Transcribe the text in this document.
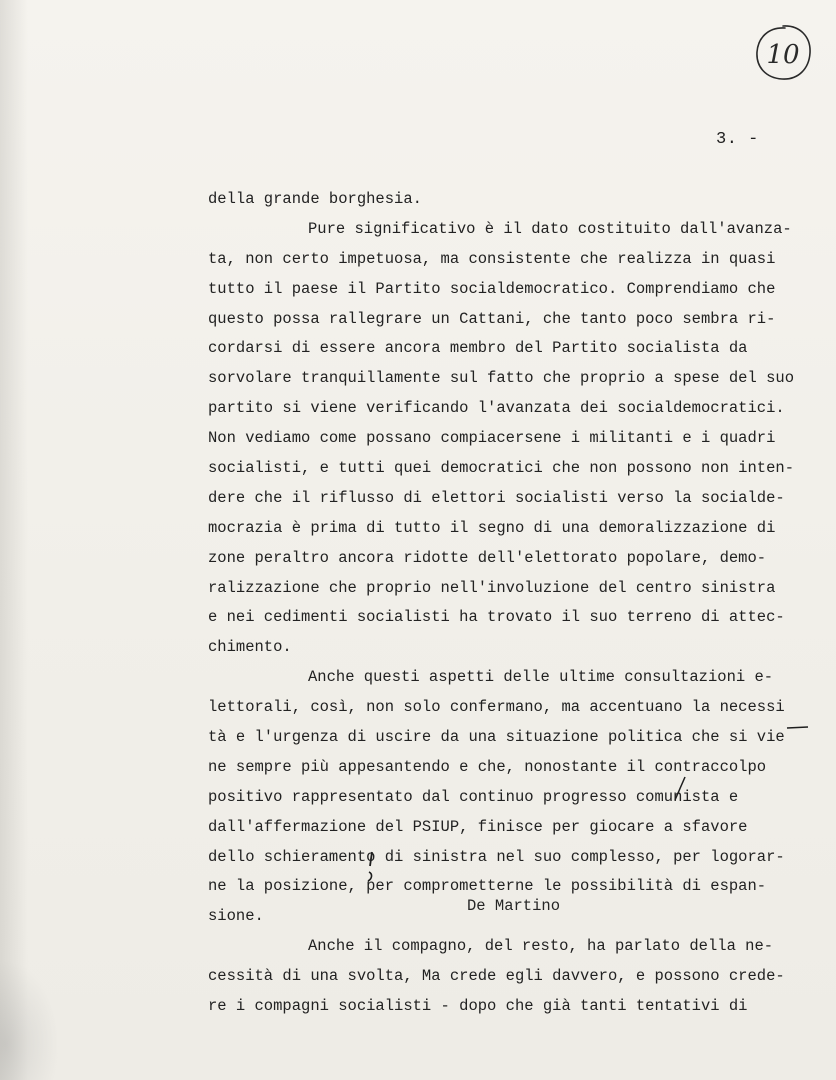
10
3. -
della grande borghesia.
Pure significativo è il dato costituito dall'avanza-
ta, non certo impetuosa, ma consistente che realizza in quasi
tutto il paese il Partito socialdemocratico. Comprendiamo che
questo possa rallegrare un Cattani, che tanto poco sembra ri-
cordarsi di essere ancora membro del Partito socialista da
sorvolare tranquillamente sul fatto che proprio a spese del suo
partito si viene verificando l'avanzata dei socialdemocratici.
Non vediamo come possano compiacersene i militanti e i quadri
socialisti, e tutti quei democratici che non possono non inten-
dere che il riflusso di elettori socialisti verso la socialde-
mocrazia è prima di tutto il segno di una demoralizzazione di
zone peraltro ancora ridotte dell'elettorato popolare, demo-
ralizzazione che proprio nell'involuzione del centro sinistra
e nei cedimenti socialisti ha trovato il suo terreno di attec-
chimento.
Anche questi aspetti delle ultime consultazioni e-
lettorali, così, non solo confermano, ma accentuano la necessi
tà e l'urgenza di uscire da una situazione politica che si vie
ne sempre più appesantendo e che, nonostante il contraccolpo
positivo rappresentato dal continuo progresso comunista e
dall'affermazione del PSIUP, finisce per giocare a sfavore
dello schieramento di sinistra nel suo complesso, per logorar-
ne la posizione, per comprometterne le possibilità di espan-
sione.
Anche il compagno, del resto, ha parlato della ne-
cessità di una svolta, Ma crede egli davvero, e possono crede-
re i compagni socialisti - dopo che già tanti tentativi di
De Martino
